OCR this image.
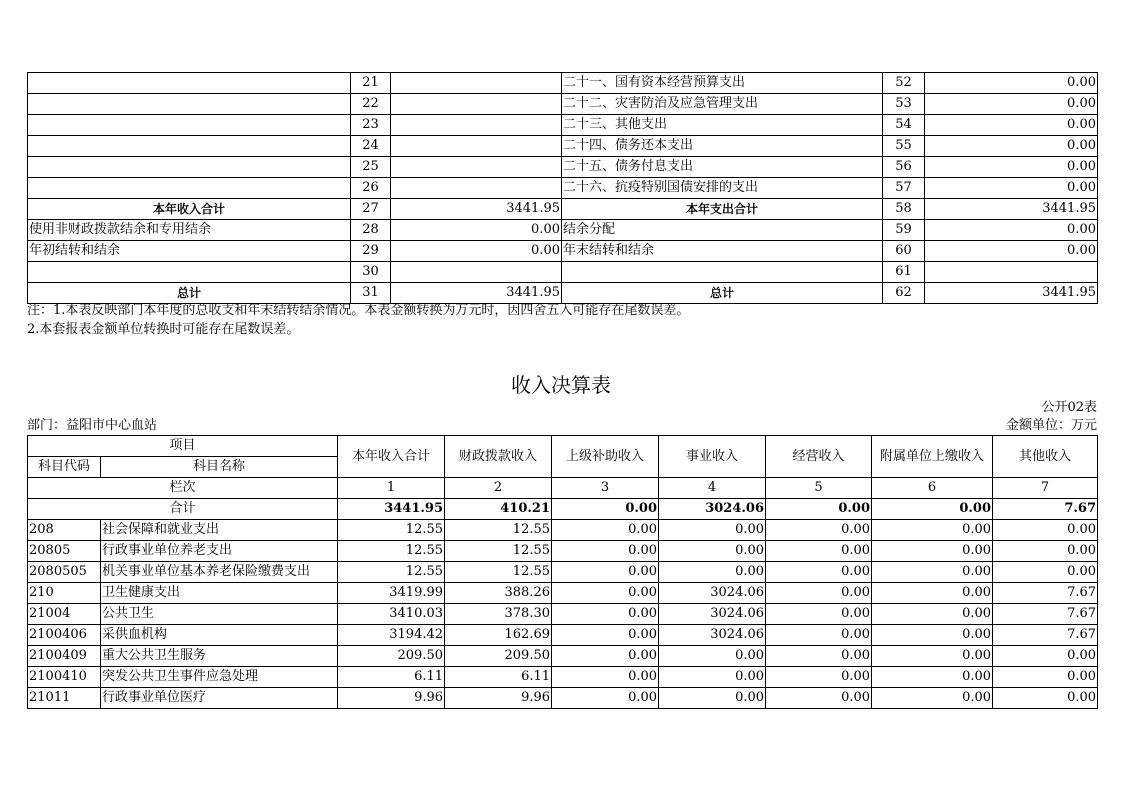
	21		二十一、国有资本经营预算支出	52	0.00
	22		二十二、灾害防治及应急管理支出	53	0.00
	23		二十三、其他支出	54	0.00
	24		二十四、债务还本支出	55	0.00
	25		二十五、债务付息支出	56	0.00
	26		二十六、抗疫特别国债安排的支出	57	0.00
本年收入合计	27	3441.95	本年支出合计	58	3441.95
使用非财政拨款结余和专用结余	28	0.00	结余分配	59	0.00
年初结转和结余	29	0.00	年末结转和结余	60	0.00
	30			61	
总计	31	3441.95	总计	62	3441.95
注：1.本表反映部门本年度的总收支和年末结转结余情况。本表金额转换为万元时，因四舍五入可能存在尾数误差。
2.本套报表金额单位转换时可能存在尾数误差。
收入决算表
公开02表
部门：益阳市中心血站	金额单位：万元
项目		本年收入合计	财政拨款收入	上级补助收入	事业收入	经营收入	附属单位上缴收入	其他收入
科目代码	科目名称							
栏次		1	2	3	4	5	6	7
合计		3441.95	410.21	0.00	3024.06	0.00	0.00	7.67
208	社会保障和就业支出	12.55	12.55	0.00	0.00	0.00	0.00	0.00
20805	行政事业单位养老支出	12.55	12.55	0.00	0.00	0.00	0.00	0.00
2080505	机关事业单位基本养老保险缴费支出	12.55	12.55	0.00	0.00	0.00	0.00	0.00
210	卫生健康支出	3419.99	388.26	0.00	3024.06	0.00	0.00	7.67
21004	公共卫生	3410.03	378.30	0.00	3024.06	0.00	0.00	7.67
2100406	采供血机构	3194.42	162.69	0.00	3024.06	0.00	0.00	7.67
2100409	重大公共卫生服务	209.50	209.50	0.00	0.00	0.00	0.00	0.00
2100410	突发公共卫生事件应急处理	6.11	6.11	0.00	0.00	0.00	0.00	0.00
21011	行政事业单位医疗	9.96	9.96	0.00	0.00	0.00	0.00	0.00
